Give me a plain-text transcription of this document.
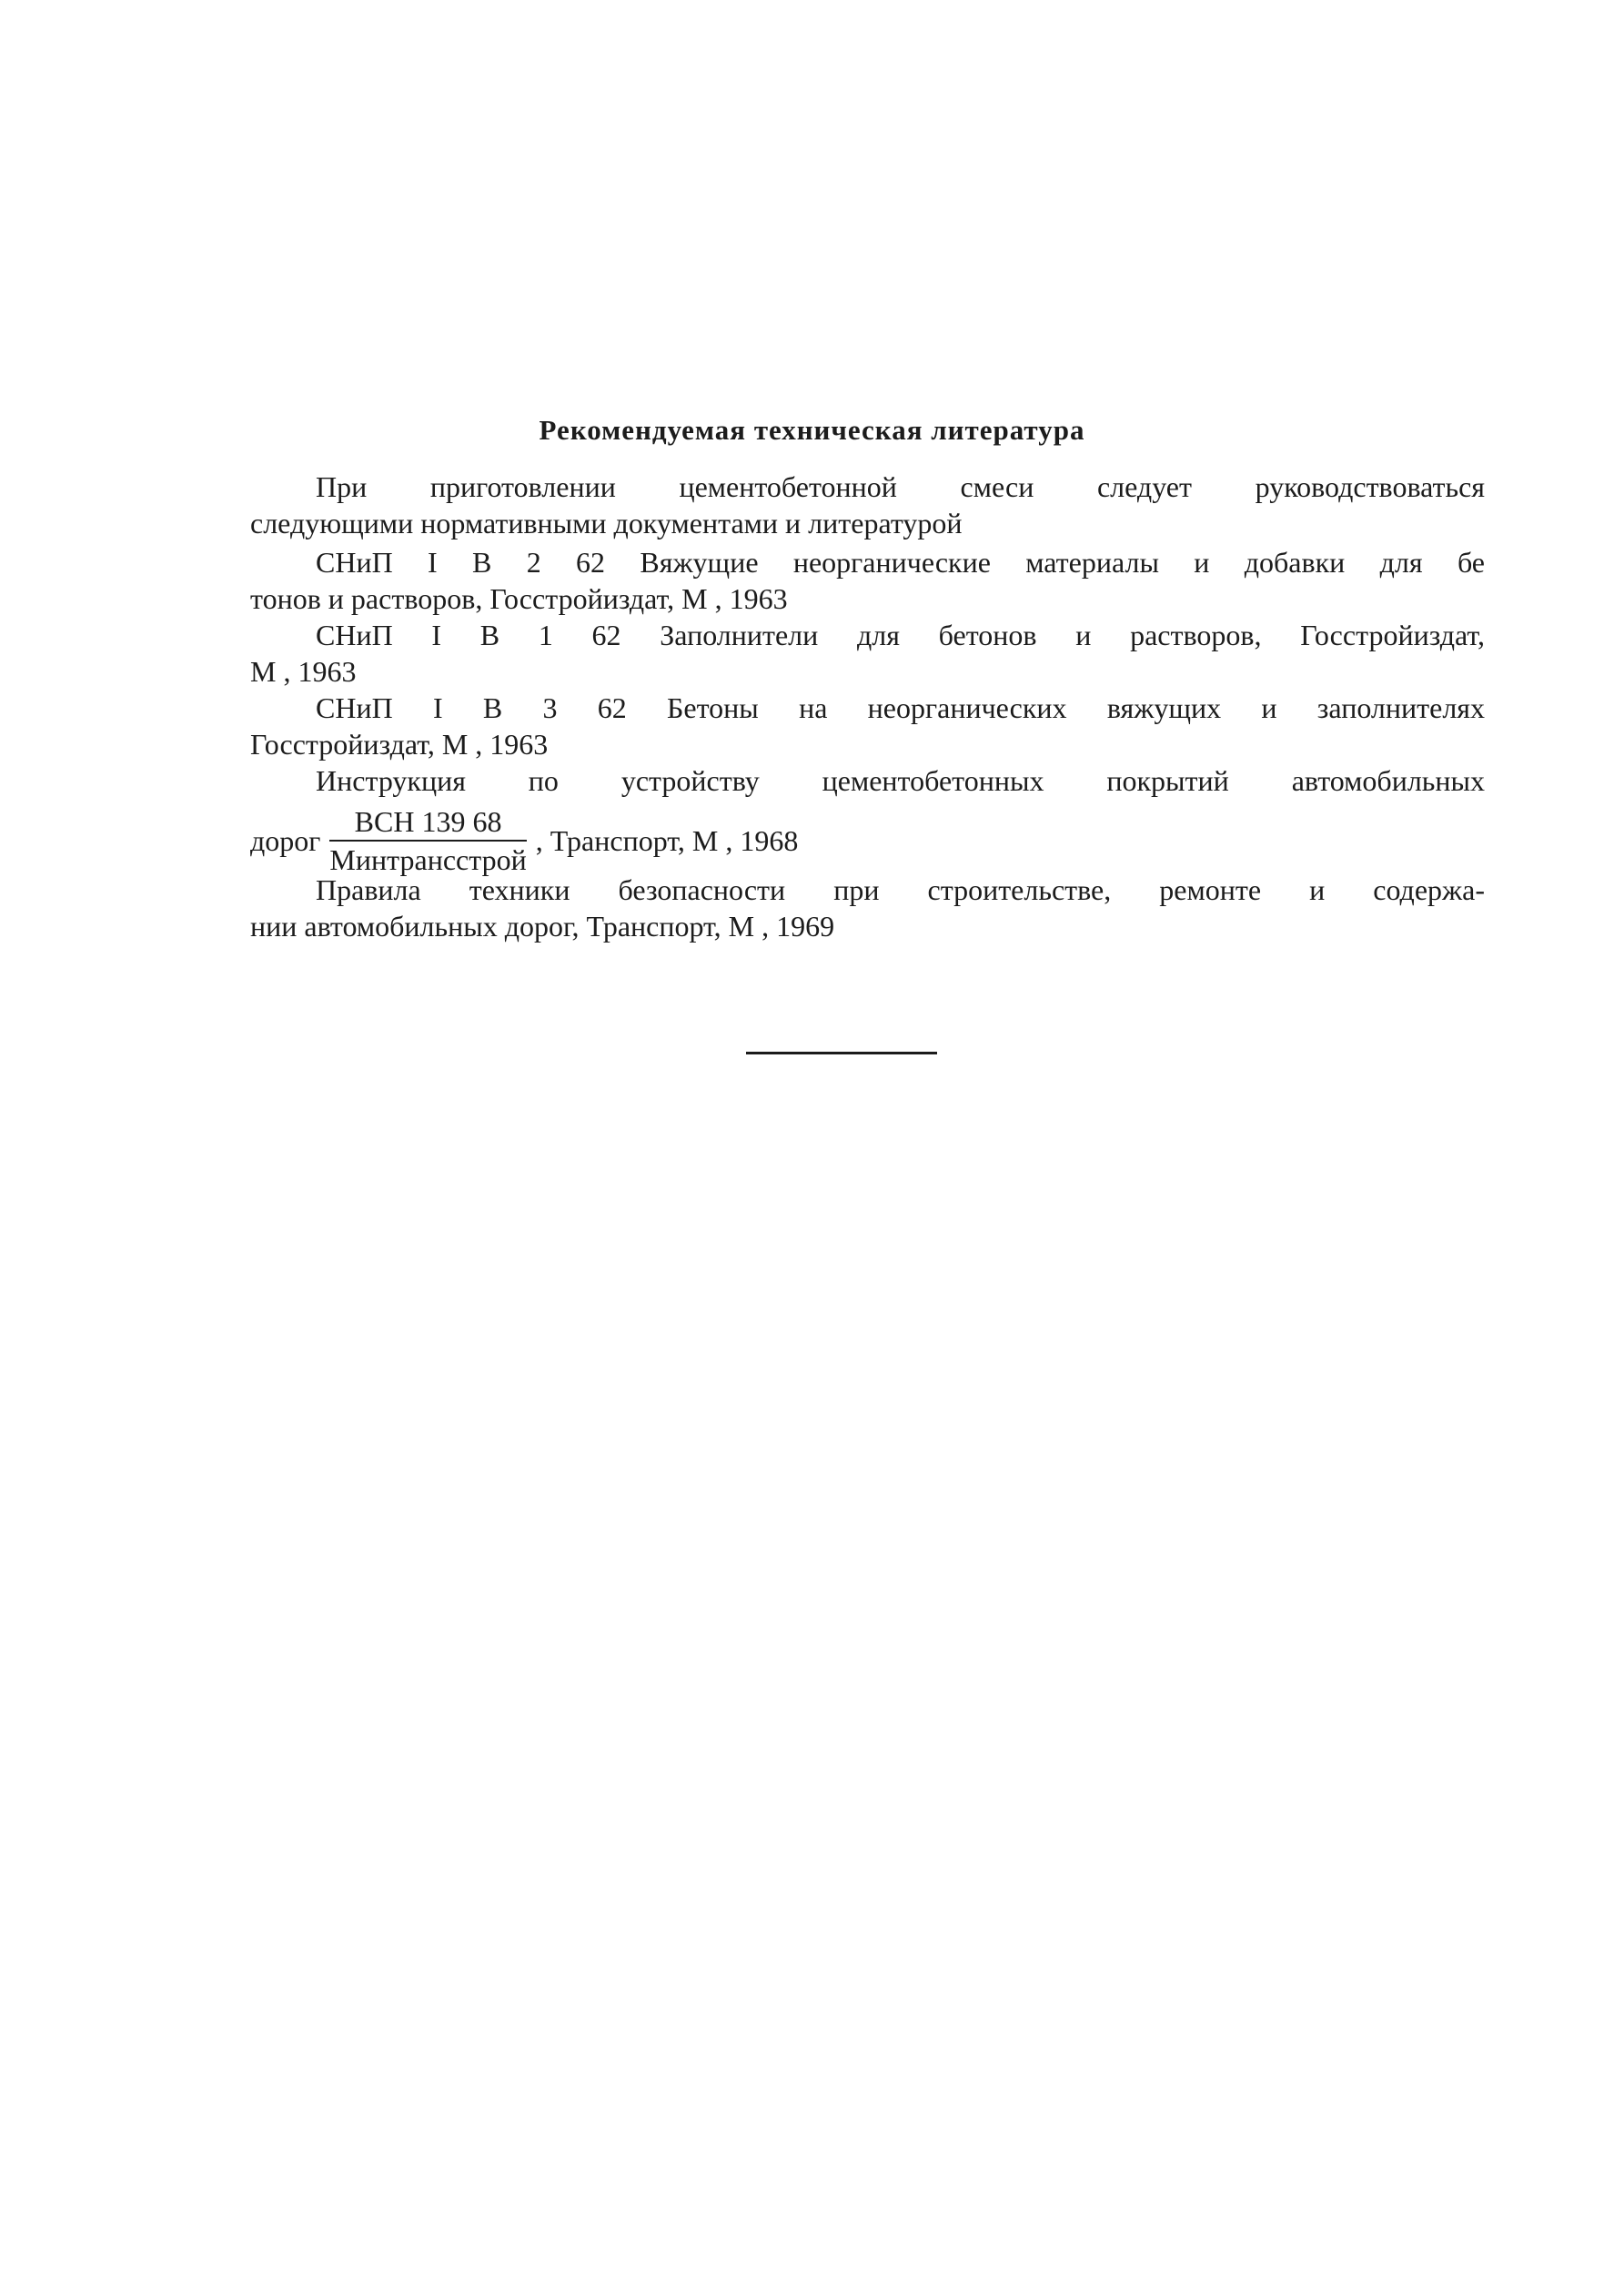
Рекомендуемая техническая литература
При приготовлении цементобетонной смеси следует руководствоваться
следующими нормативными документами и литературой
СНиП I В 2 62 Вяжущие неорганические материалы и добавки для бе
тонов и растворов, Госстройиздат, М , 1963
СНиП I В 1 62 Заполнители для бетонов и растворов, Госстройиздат,
М , 1963
СНиП I В 3 62 Бетоны на неорганических вяжущих и заполнителях
Госстройиздат, М , 1963
Инструкция по устройству цементобетонных покрытий автомобильных
дорог $\frac{\text{ВСН 139 68}}{\text{Минтрансстрой}}$ , Транспорт, М , 1968
Правила техники безопасности при строительстве, ремонте и содержа-
нии автомобильных дорог, Транспорт, М , 1969
